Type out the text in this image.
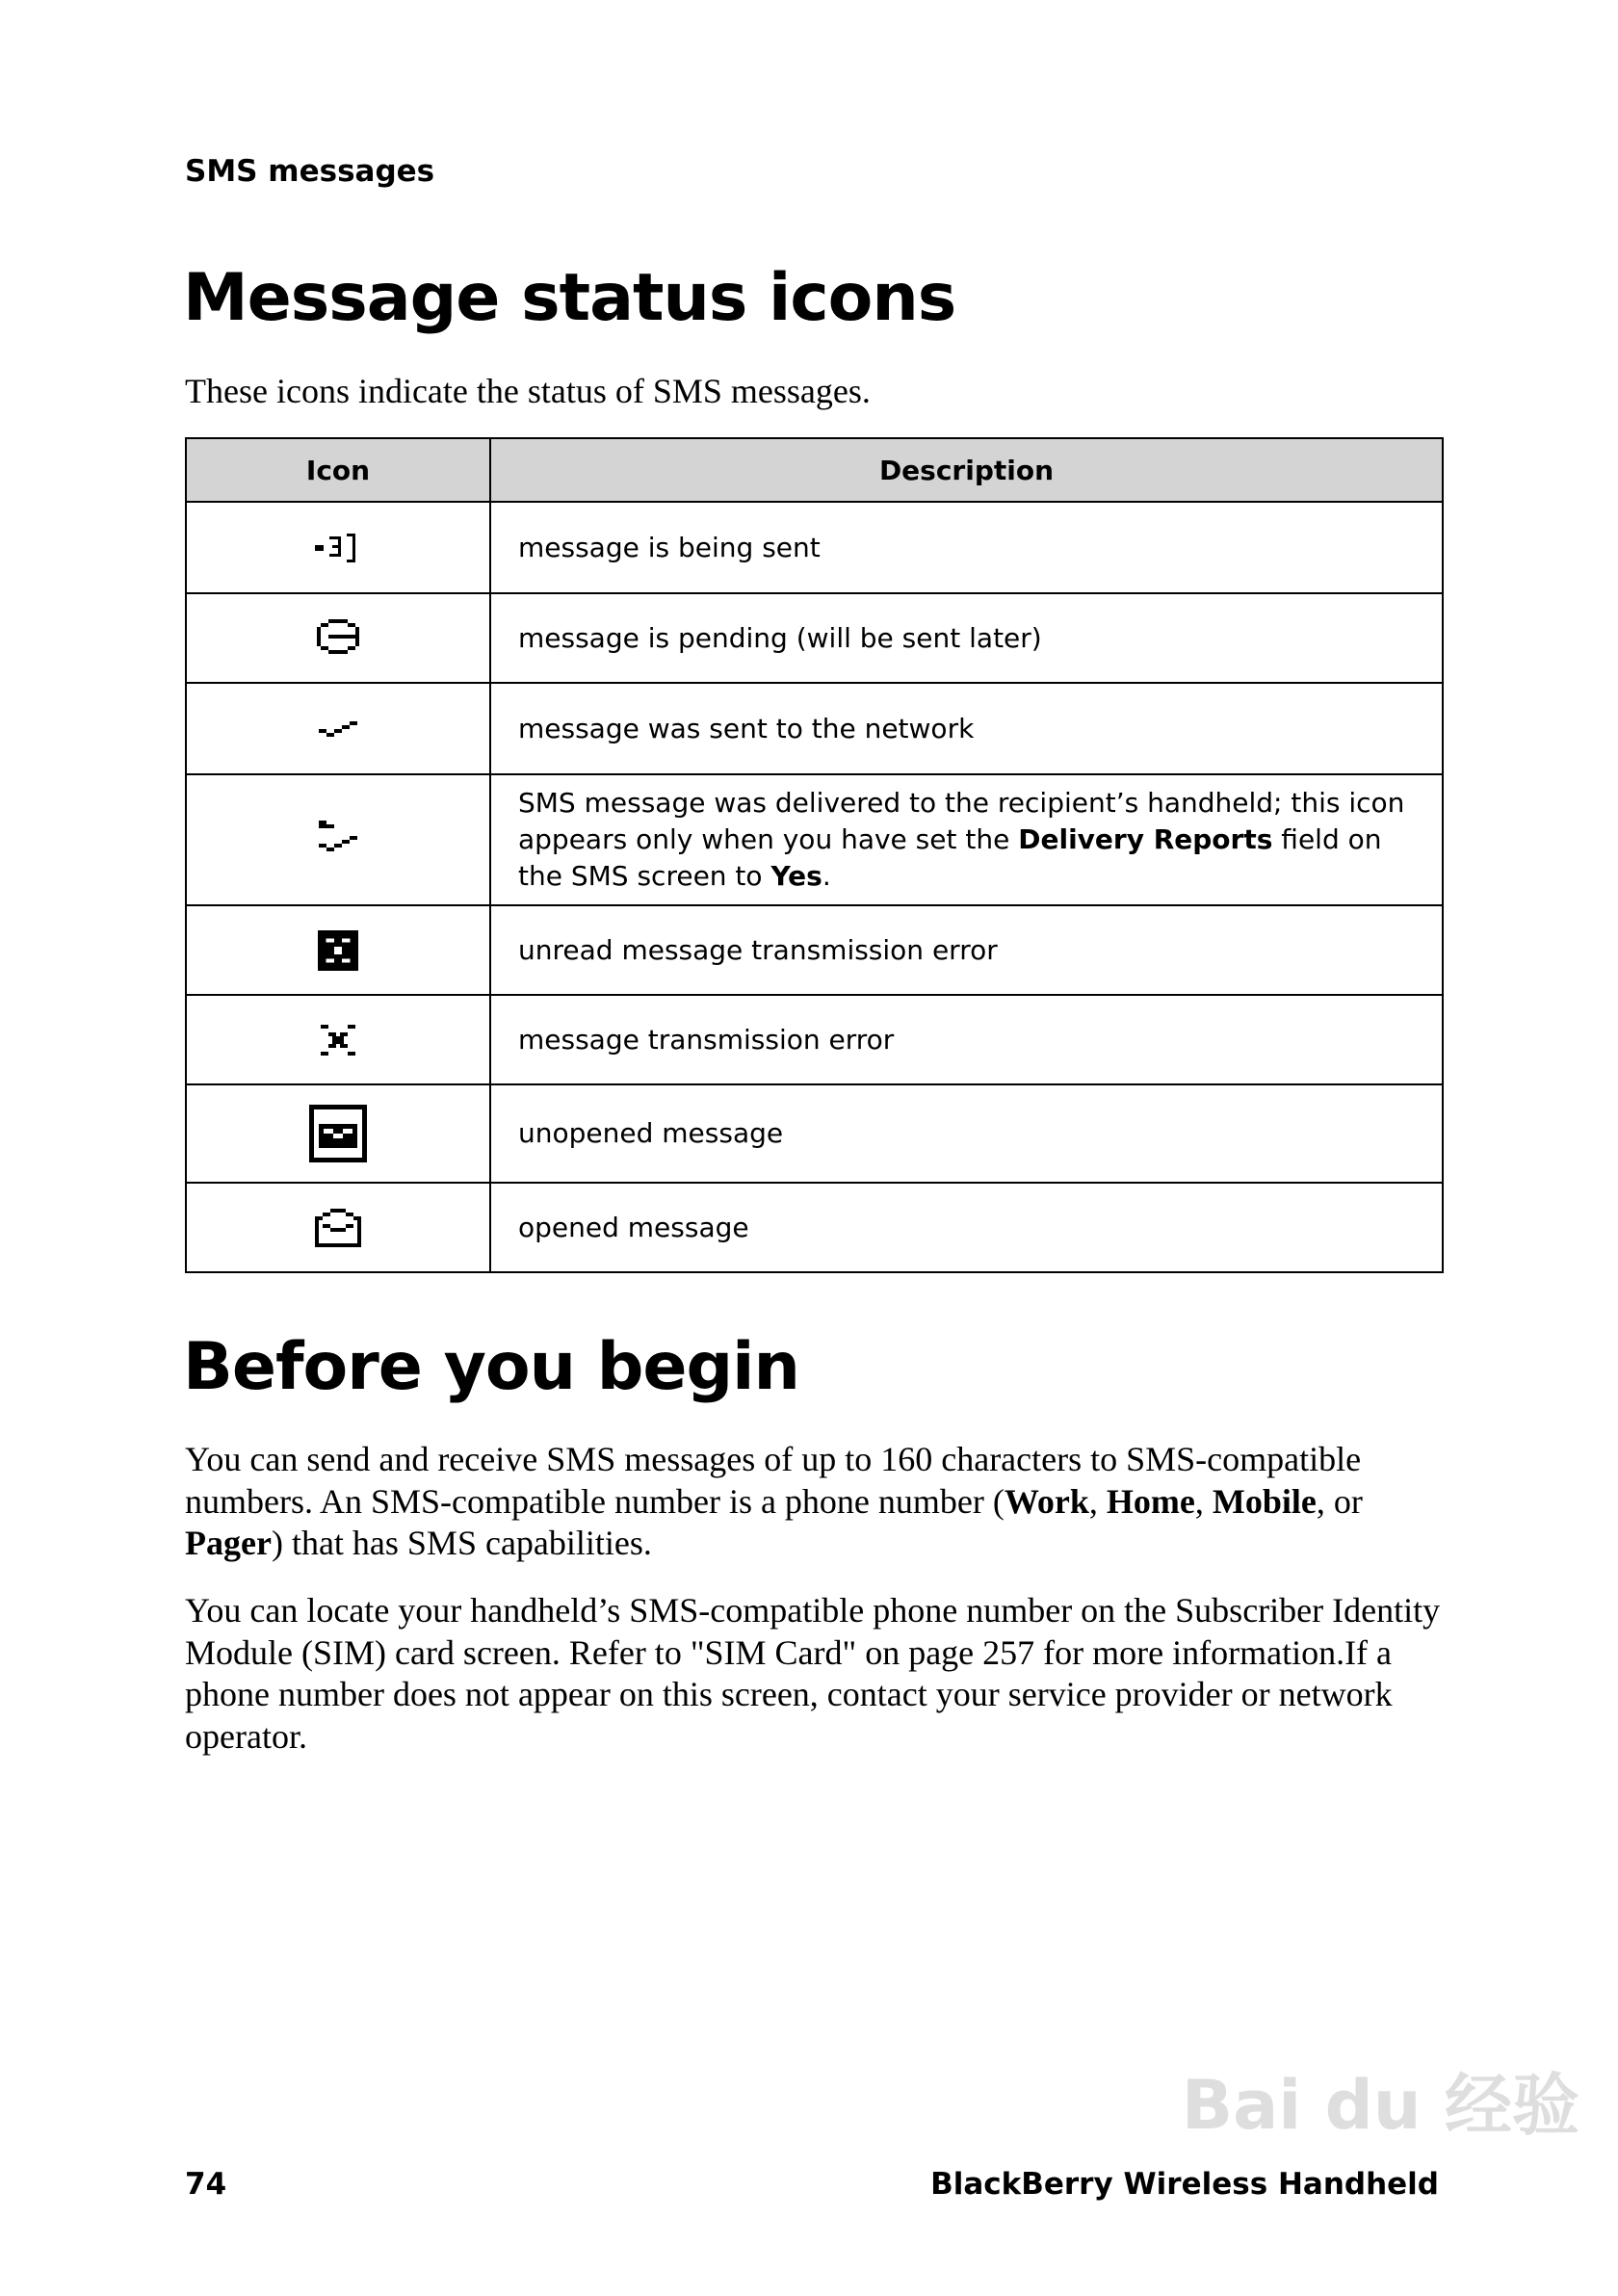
SMS messages
Message status icons
These icons indicate the status of SMS messages.
Icon	Description

	message is being sent

	message is pending (will be sent later)

	message was sent to the network

	SMS message was delivered to the recipient’s handheld; this icon appears only when you have set the Delivery Reports field on the SMS screen to Yes.

	unread message transmission error

	message transmission error

	unopened message

	opened message
Before you begin
You can send and receive SMS messages of up to 160 characters to SMS-compatible numbers. An SMS-compatible number is a phone number (Work, Home, Mobile, or Pager) that has SMS capabilities.
You can locate your handheld’s SMS-compatible phone number on the Subscriber Identity Module (SIM) card screen. Refer to "SIM Card" on page 257 for more information.If a phone number does not appear on this screen, contact your service provider or network operator.
74	BlackBerry Wireless Handheld
Bai du 经验
